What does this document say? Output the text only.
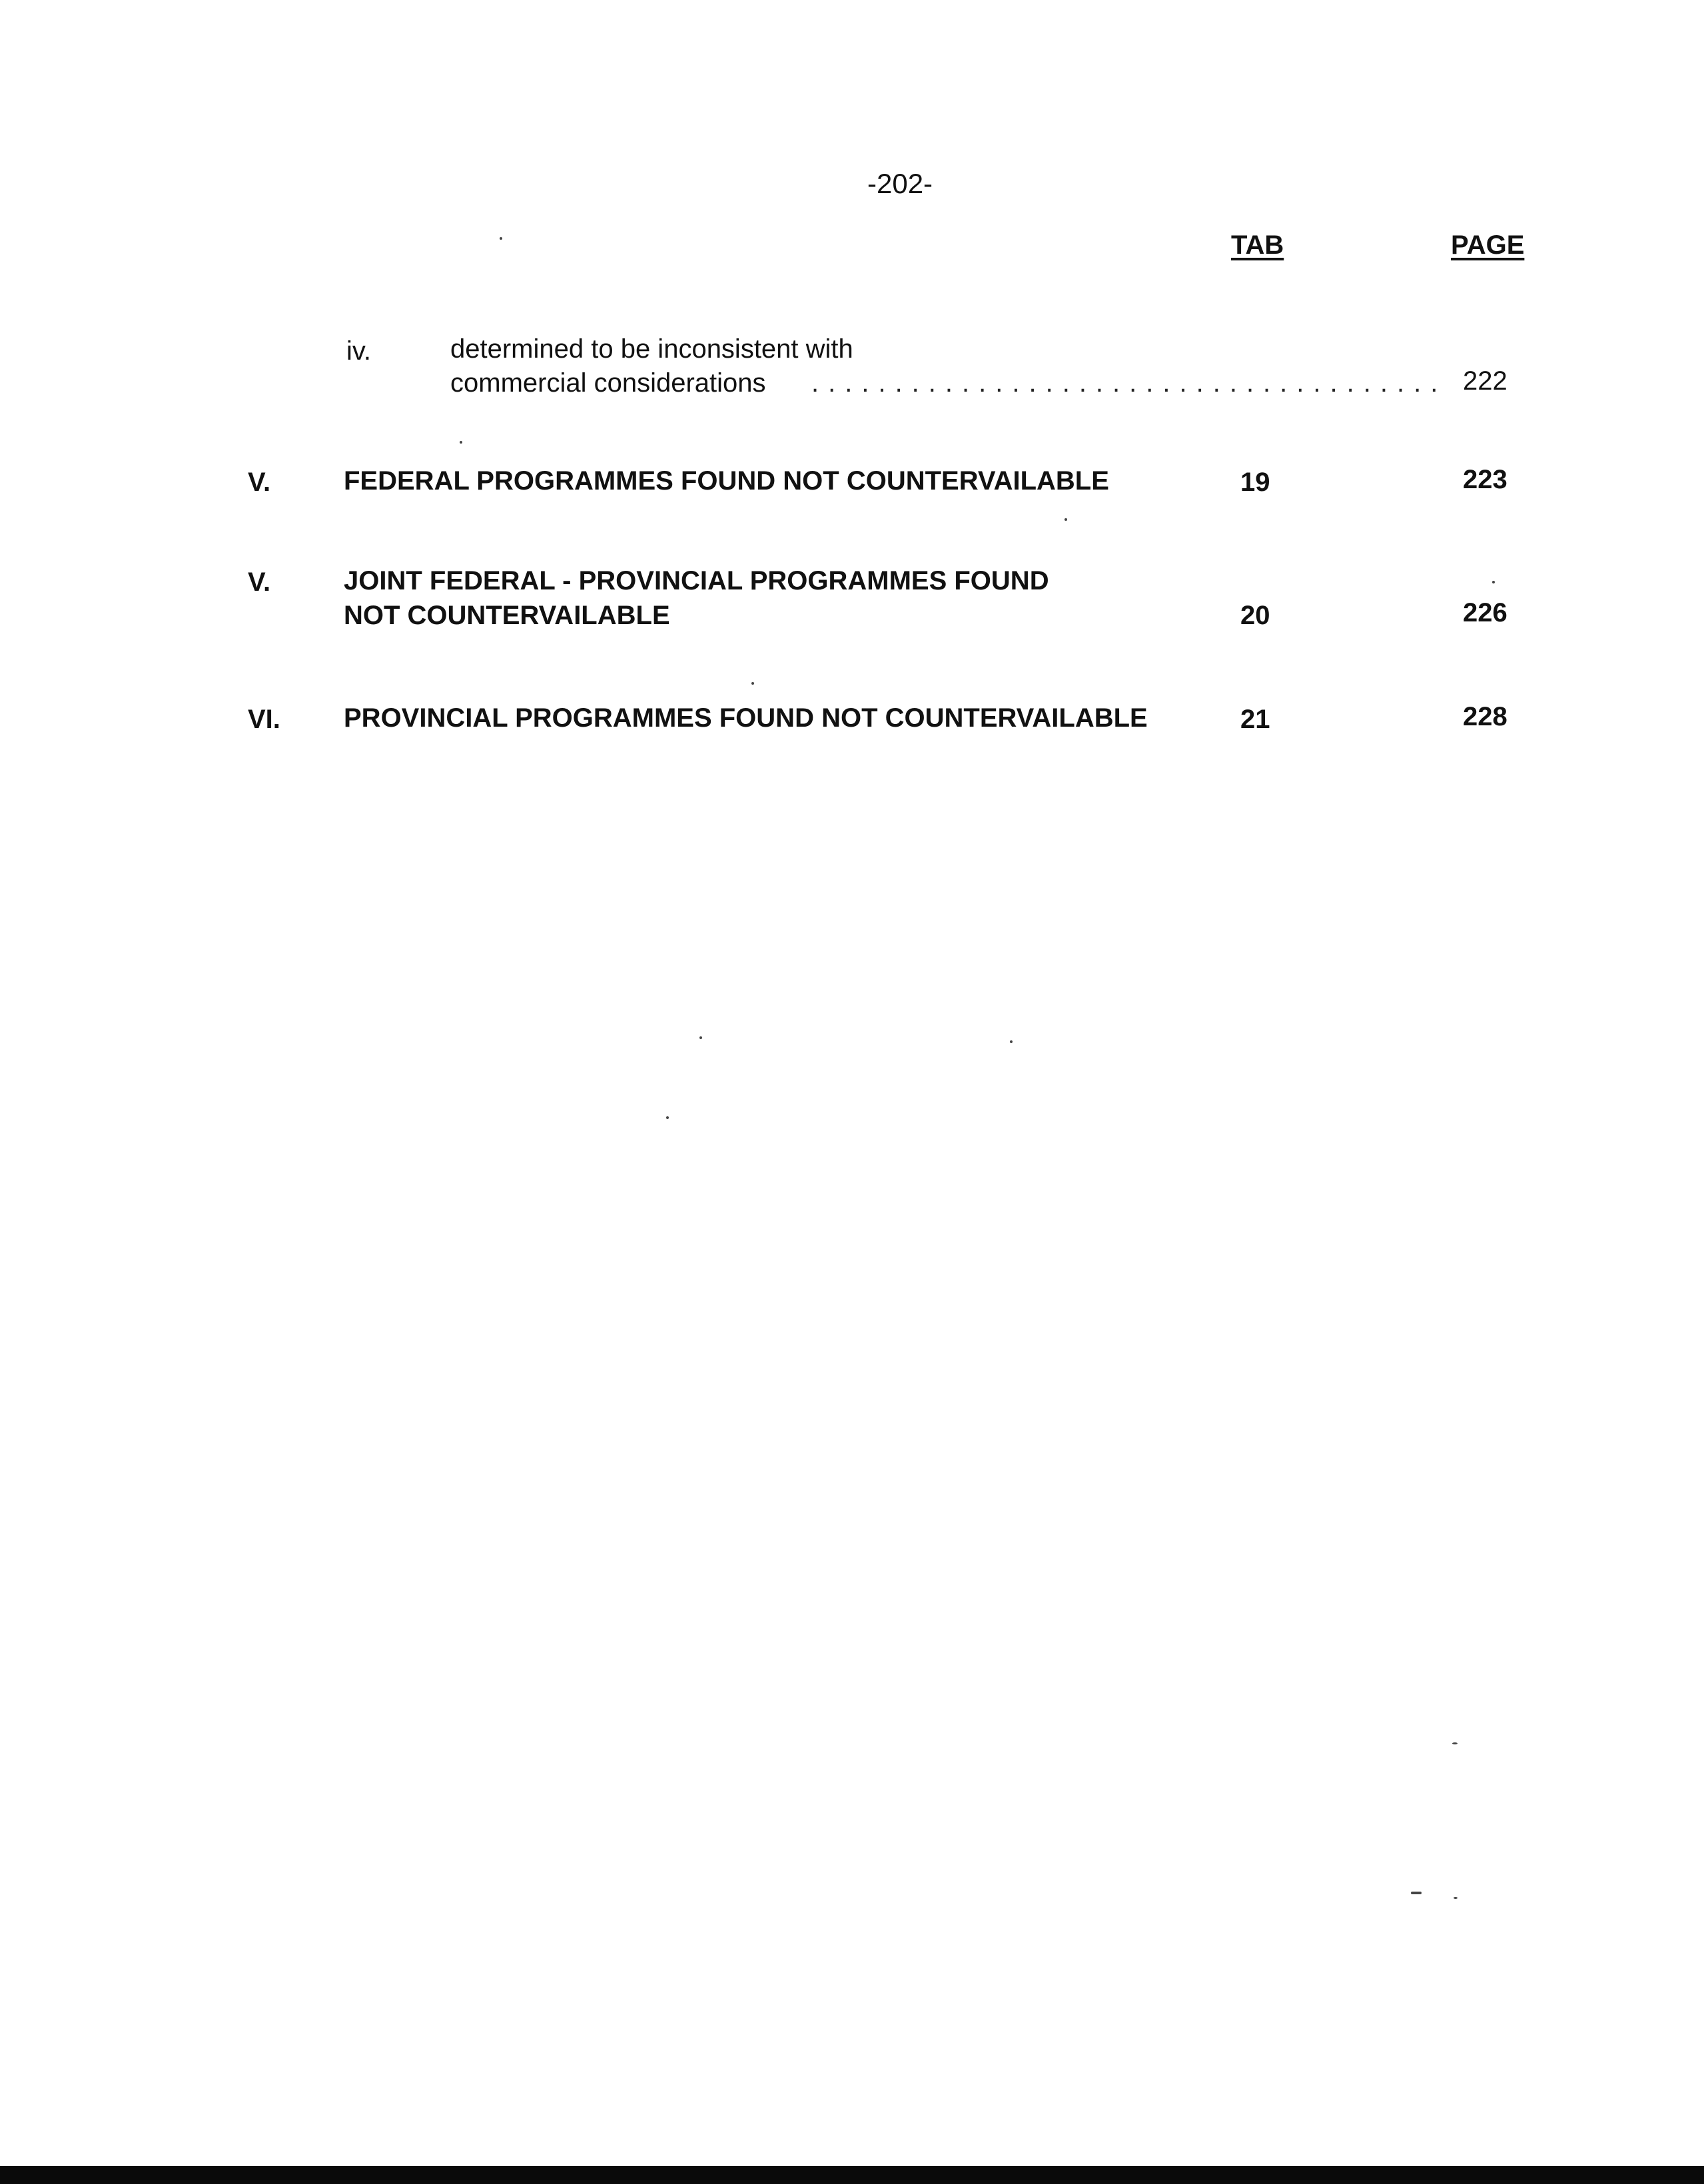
-202-
TAB	PAGE
iv.	determined to be inconsistent with
commercial considerations ...................................... 222
V.	FEDERAL PROGRAMMES FOUND NOT COUNTERVAILABLE	19	223
V.	JOINT FEDERAL - PROVINCIAL PROGRAMMES FOUND
NOT COUNTERVAILABLE	20	226
VI. PROVINCIAL PROGRAMMES FOUND NOT COUNTERVAILABLE	21	228
